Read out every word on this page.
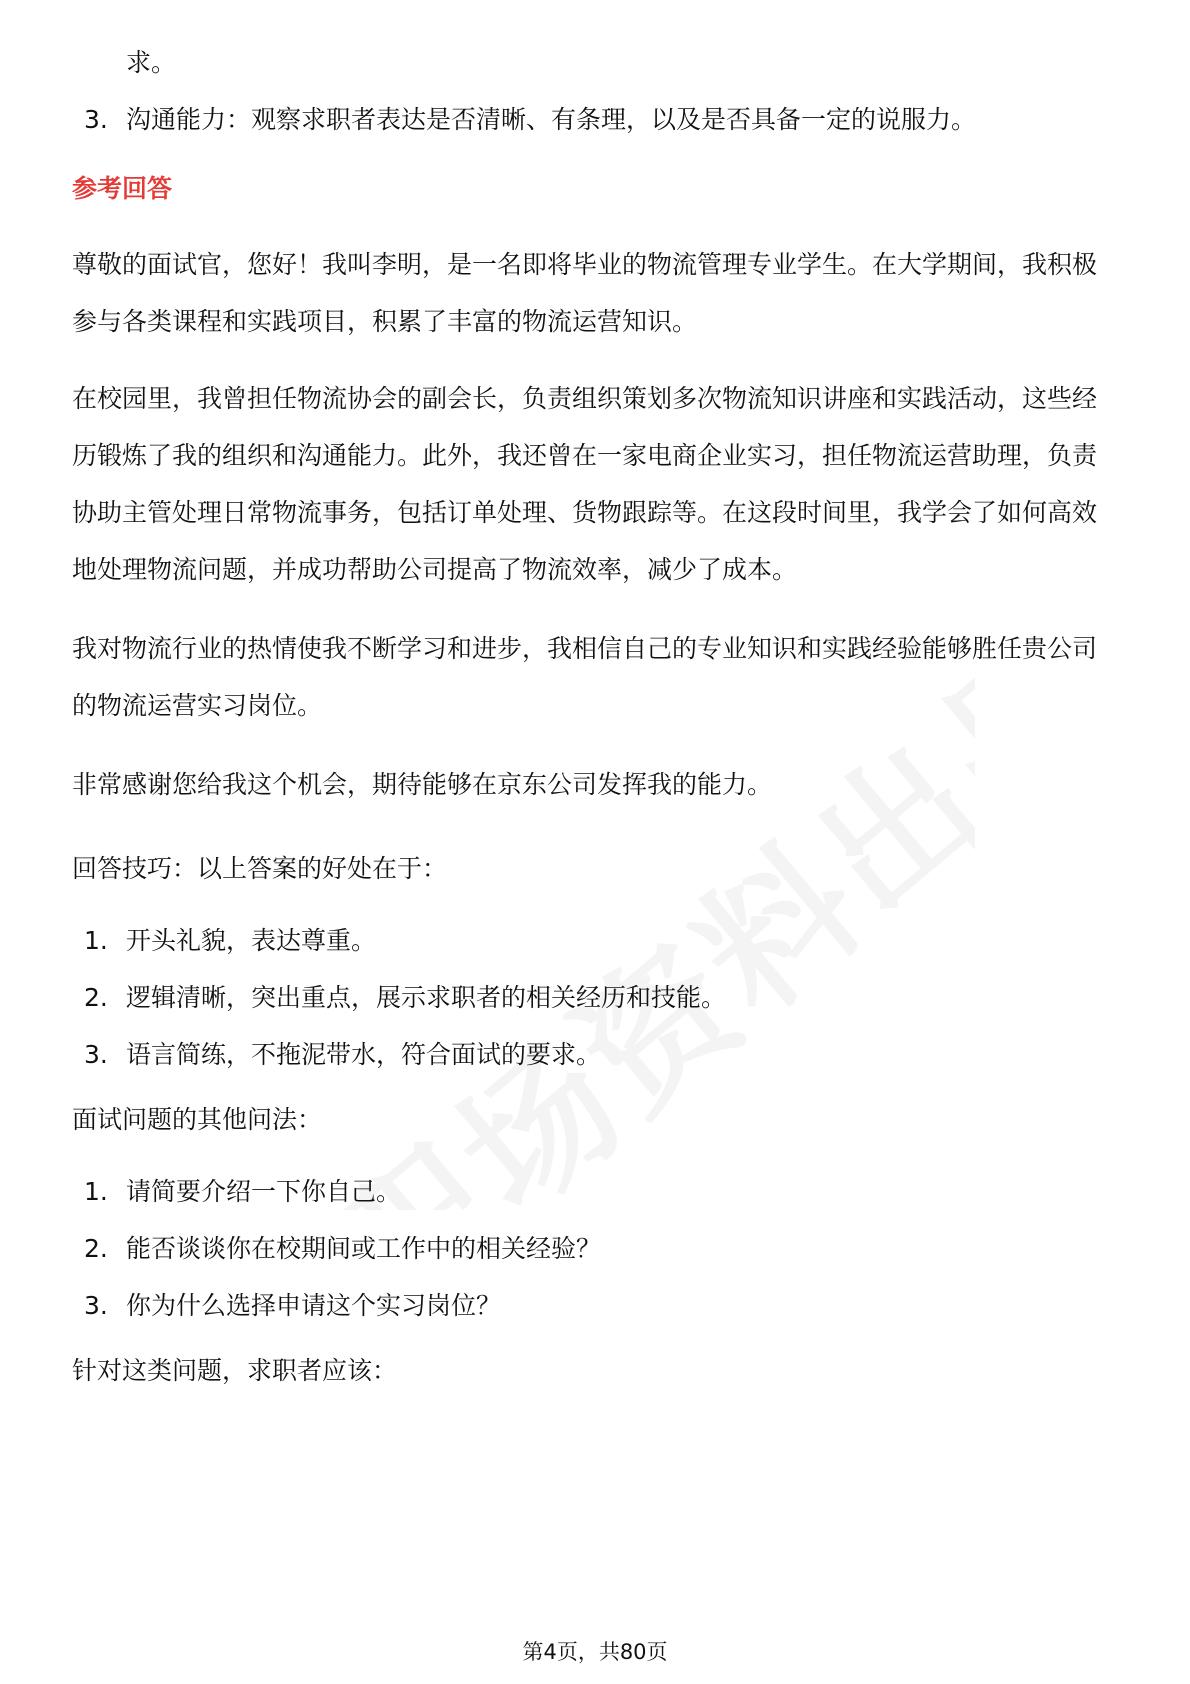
求。
3. 沟通能力：观察求职者表达是否清晰、有条理，以及是否具备一定的说服力。
参考回答

尊敬的面试官，您好！我叫李明，是一名即将毕业的物流管理专业学生。在大学期间，我积极参与各类课程和实践项目，积累了丰富的物流运营知识。

在校园里，我曾担任物流协会的副会长，负责组织策划多次物流知识讲座和实践活动，这些经历锻炼了我的组织和沟通能力。此外，我还曾在一家电商企业实习，担任物流运营助理，负责协助主管处理日常物流事务，包括订单处理、货物跟踪等。在这段时间里，我学会了如何高效地处理物流问题，并成功帮助公司提高了物流效率，减少了成本。

我对物流行业的热情使我不断学习和进步，我相信自己的专业知识和实践经验能够胜任贵公司的物流运营实习岗位。

非常感谢您给我这个机会，期待能够在京东公司发挥我的能力。

回答技巧：以上答案的好处在于：

1. 开头礼貌，表达尊重。
2. 逻辑清晰，突出重点，展示求职者的相关经历和技能。
3. 语言简练，不拖泥带水，符合面试的要求。

面试问题的其他问法：

1. 请简要介绍一下你自己。
2. 能否谈谈你在校期间或工作中的相关经验？
3. 你为什么选择申请这个实习岗位？

针对这类问题，求职者应该：

第4页，共80页
